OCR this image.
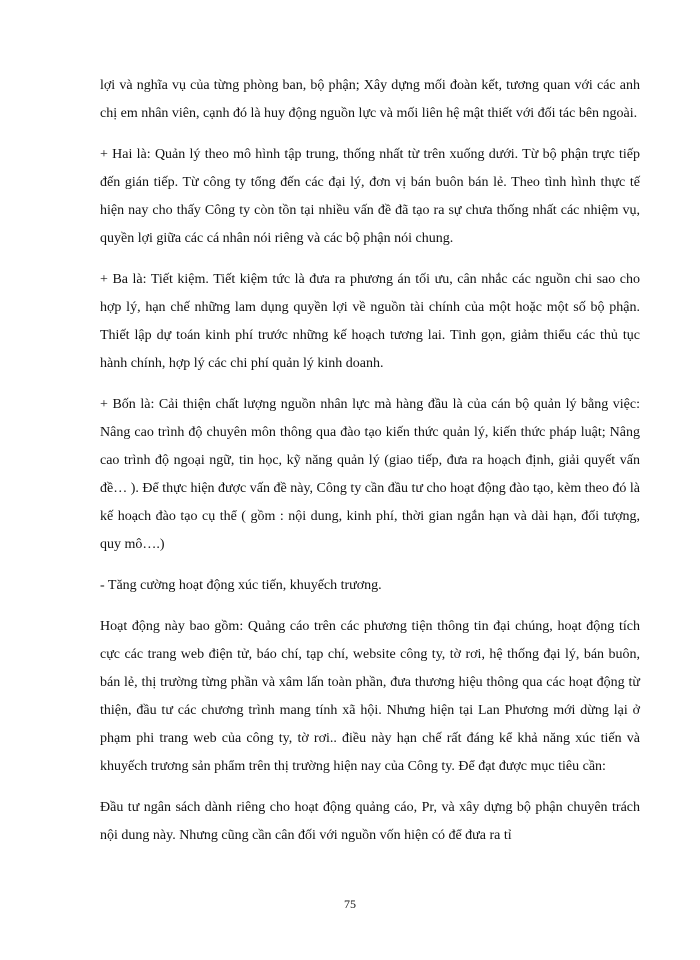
lợi và nghĩa vụ của từng phòng ban, bộ phận; Xây dựng mối đoàn kết, tương quan với các anh chị em nhân viên, cạnh đó là huy động nguồn lực và mối liên hệ mật thiết với đối tác bên ngoài.

+ Hai là: Quản lý theo mô hình tập trung, thống nhất từ trên xuống dưới. Từ bộ phận trực tiếp đến gián tiếp. Từ công ty tổng đến các đại lý, đơn vị bán buôn bán lẻ. Theo tình hình thực tế hiện nay cho thấy Công ty còn tồn tại nhiều vấn đề đã tạo ra sự chưa thống nhất các nhiệm vụ, quyền lợi giữa các cá nhân nói riêng và các bộ phận nói chung.

+ Ba là: Tiết kiệm. Tiết kiệm tức là đưa ra phương án tối ưu, cân nhắc các nguồn chi sao cho hợp lý, hạn chế những lam dụng quyền lợi về nguồn tài chính của một hoặc một số bộ phận. Thiết lập dự toán kinh phí trước những kế hoạch tương lai. Tinh gọn, giảm thiểu các thủ tục hành chính, hợp lý các chi phí quản lý kinh doanh.

+ Bốn là: Cải thiện chất lượng nguồn nhân lực mà hàng đầu là của cán bộ quản lý bằng việc: Nâng cao trình độ chuyên môn thông qua đào tạo kiến thức quản lý, kiến thức pháp luật; Nâng cao trình độ ngoại ngữ, tin học, kỹ năng quản lý (giao tiếp, đưa ra hoạch định, giải quyết vấn đề… ). Để thực hiện được vấn đề này, Công ty cần đầu tư cho hoạt động đào tạo, kèm theo đó là kế hoạch đào tạo cụ thể ( gồm : nội dung, kinh phí, thời gian ngắn hạn và dài hạn, đối tượng, quy mô….)

- Tăng cường hoạt động xúc tiến, khuyếch trương.

Hoạt động này bao gồm: Quảng cáo trên các phương tiện thông tin đại chúng, hoạt động tích cực các trang web điện tử, báo chí, tạp chí, website công ty, tờ rơi, hệ thống đại lý, bán buôn, bán lẻ, thị trường từng phần và xâm lấn toàn phần, đưa thương hiệu thông qua các hoạt động từ thiện, đầu tư các chương trình mang tính xã hội. Nhưng hiện tại Lan Phương mới dừng lại ở phạm phi trang web của công ty, tờ rơi.. điều này hạn chế rất đáng kể khả năng xúc tiến và khuyếch trương sản phẩm trên thị trường hiện nay của Công ty. Để đạt được mục tiêu cần:

Đầu tư ngân sách dành riêng cho hoạt động quảng cáo, Pr, và xây dựng bộ phận chuyên trách nội dung này. Nhưng cũng cần cân đối với nguồn vốn hiện có để đưa ra tỉ

75
